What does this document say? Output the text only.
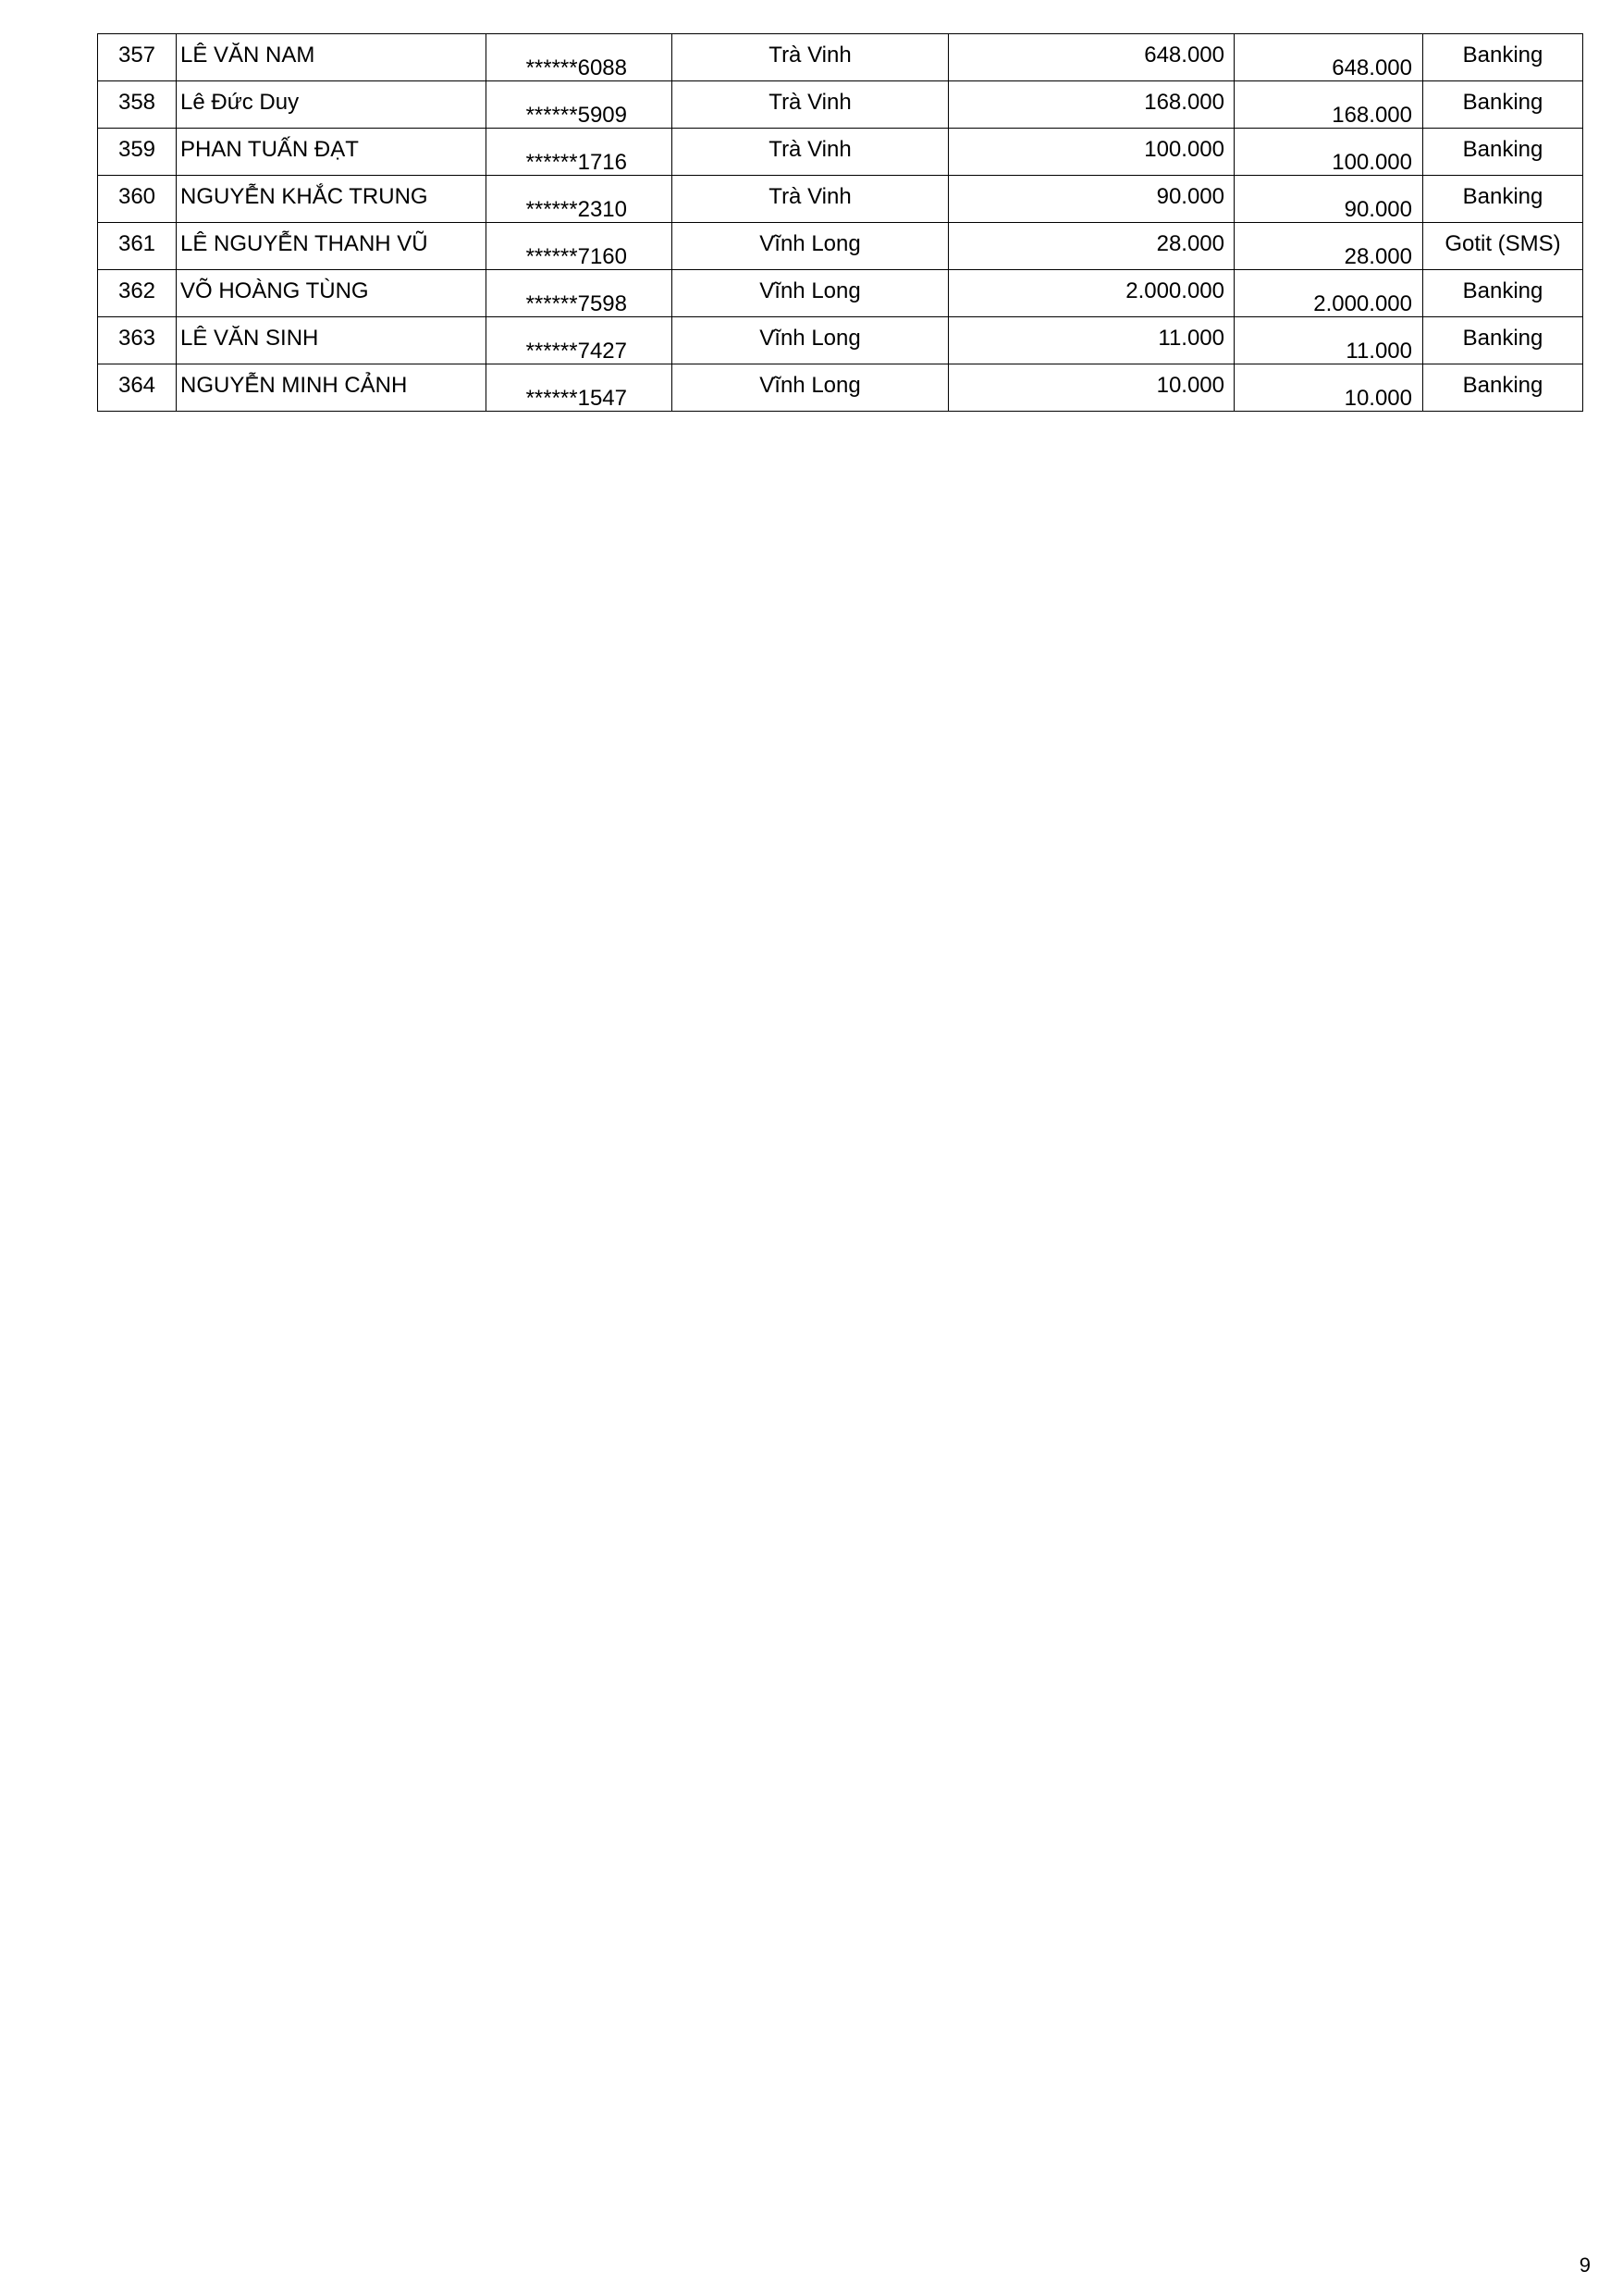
357	LÊ VĂN NAM	******6088	Trà Vinh	648.000	648.000	Banking

358	Lê Đức Duy	******5909	Trà Vinh	168.000	168.000	Banking

359	PHAN TUẤN ĐẠT	******1716	Trà Vinh	100.000	100.000	Banking

360	NGUYỄN KHẮC TRUNG	******2310	Trà Vinh	90.000	90.000	Banking

361	LÊ NGUYỄN THANH VŨ	******7160	Vĩnh Long	28.000	28.000	Gotit (SMS)

362	VÕ HOÀNG TÙNG	******7598	Vĩnh Long	2.000.000	2.000.000	Banking

363	LÊ VĂN SINH	******7427	Vĩnh Long	11.000	11.000	Banking

364	NGUYỄN MINH CẢNH	******1547	Vĩnh Long	10.000	10.000	Banking
9
